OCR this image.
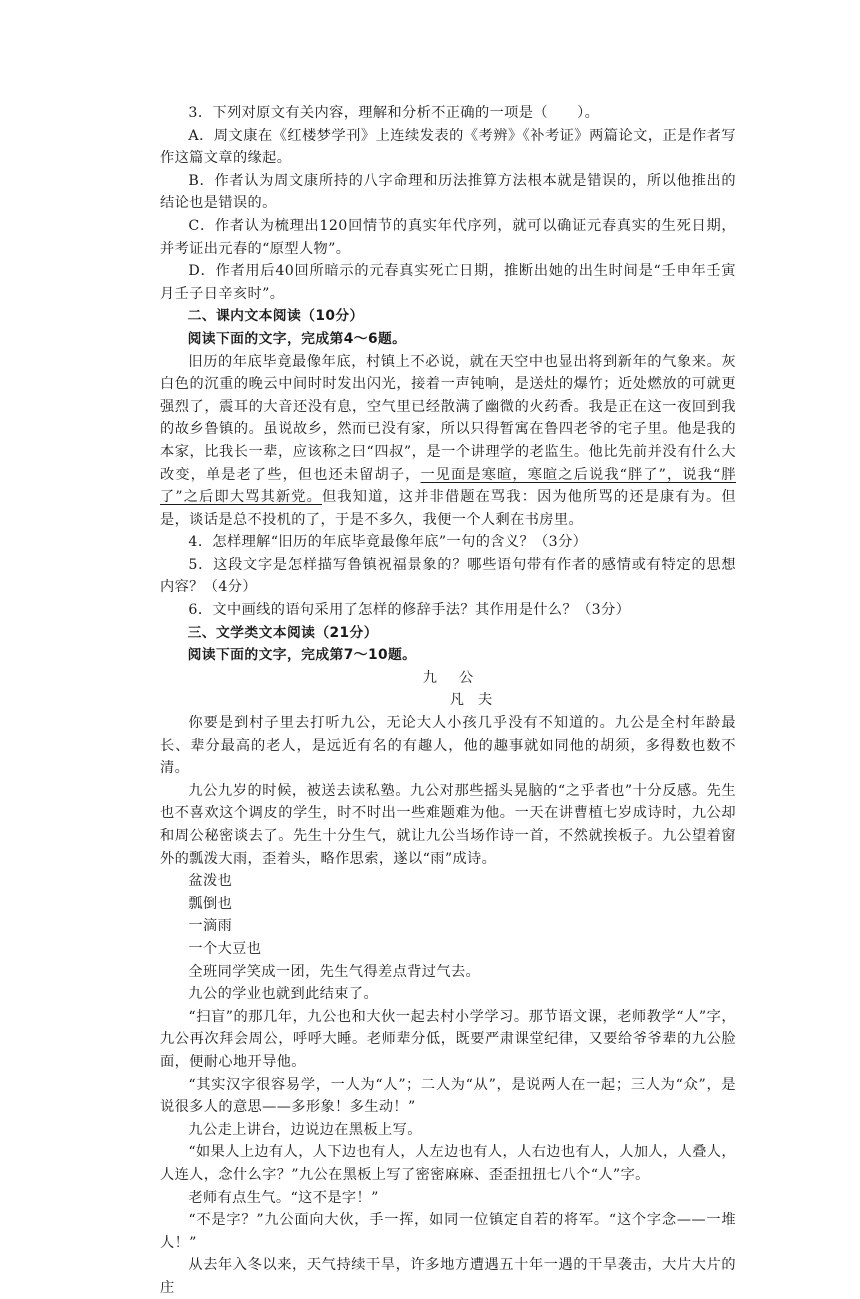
3．下列对原文有关内容，理解和分析不正确的一项是（　　）。

A．周文康在《红楼梦学刊》上连续发表的《考辨》《补考证》两篇论文，正是作者写作这篇文章的缘起。

B．作者认为周文康所持的八字命理和历法推算方法根本就是错误的，所以他推出的结论也是错误的。

C．作者认为梳理出120回情节的真实年代序列，就可以确证元春真实的生死日期，并考证出元春的“原型人物”。

D．作者用后40回所暗示的元春真实死亡日期，推断出她的出生时间是“壬申年壬寅月壬子日辛亥时”。

二、课内文本阅读（10分）

阅读下面的文字，完成第4～6题。

旧历的年底毕竟最像年底，村镇上不必说，就在天空中也显出将到新年的气象来。灰白色的沉重的晚云中间时时发出闪光，接着一声钝响，是送灶的爆竹；近处燃放的可就更强烈了，震耳的大音还没有息，空气里已经散满了幽微的火药香。我是正在这一夜回到我的故乡鲁镇的。虽说故乡，然而已没有家，所以只得暂寓在鲁四老爷的宅子里。他是我的本家，比我长一辈，应该称之曰“四叔”，是一个讲理学的老监生。他比先前并没有什么大改变，单是老了些，但也还未留胡子，一见面是寒暄，寒暄之后说我“胖了”，说我“胖了”之后即大骂其新党。但我知道，这并非借题在骂我：因为他所骂的还是康有为。但是，谈话是总不投机的了，于是不多久，我便一个人剩在书房里。

4．怎样理解“旧历的年底毕竟最像年底”一句的含义？（3分）

5．这段文字是怎样描写鲁镇祝福景象的？哪些语句带有作者的感情或有特定的思想内容？（4分）

6．文中画线的语句采用了怎样的修辞手法？其作用是什么？（3分）

三、文学类文本阅读（21分）

阅读下面的文字，完成第7～10题。

九公

凡夫

你要是到村子里去打听九公，无论大人小孩几乎没有不知道的。九公是全村年龄最长、辈分最高的老人，是远近有名的有趣人，他的趣事就如同他的胡须，多得数也数不清。

九公九岁的时候，被送去读私塾。九公对那些摇头晃脑的“之乎者也”十分反感。先生也不喜欢这个调皮的学生，时不时出一些难题难为他。一天在讲曹植七岁成诗时，九公却和周公秘密谈去了。先生十分生气，就让九公当场作诗一首，不然就挨板子。九公望着窗外的瓢泼大雨，歪着头，略作思索，遂以“雨”成诗。

盆泼也

瓢倒也

一滴雨

一个大豆也

全班同学笑成一团，先生气得差点背过气去。

九公的学业也就到此结束了。

“扫盲”的那几年，九公也和大伙一起去村小学学习。那节语文课，老师教学“人”字，九公再次拜会周公，呼呼大睡。老师辈分低，既要严肃课堂纪律，又要给爷爷辈的九公脸面，便耐心地开导他。

“其实汉字很容易学，一人为“人”；二人为“从”，是说两人在一起；三人为“众”，是说很多人的意思——多形象！多生动！”

九公走上讲台，边说边在黑板上写。

“如果人上边有人，人下边也有人，人左边也有人，人右边也有人，人加人，人叠人，人连人，念什么字？”九公在黑板上写了密密麻麻、歪歪扭扭七八个“人”字。

老师有点生气。“这不是字！”

“不是字？”九公面向大伙，手一挥，如同一位镇定自若的将军。“这个字念——一堆人！”

从去年入冬以来，天气持续干旱，许多地方遭遇五十年一遇的干旱袭击，大片大片的庄
